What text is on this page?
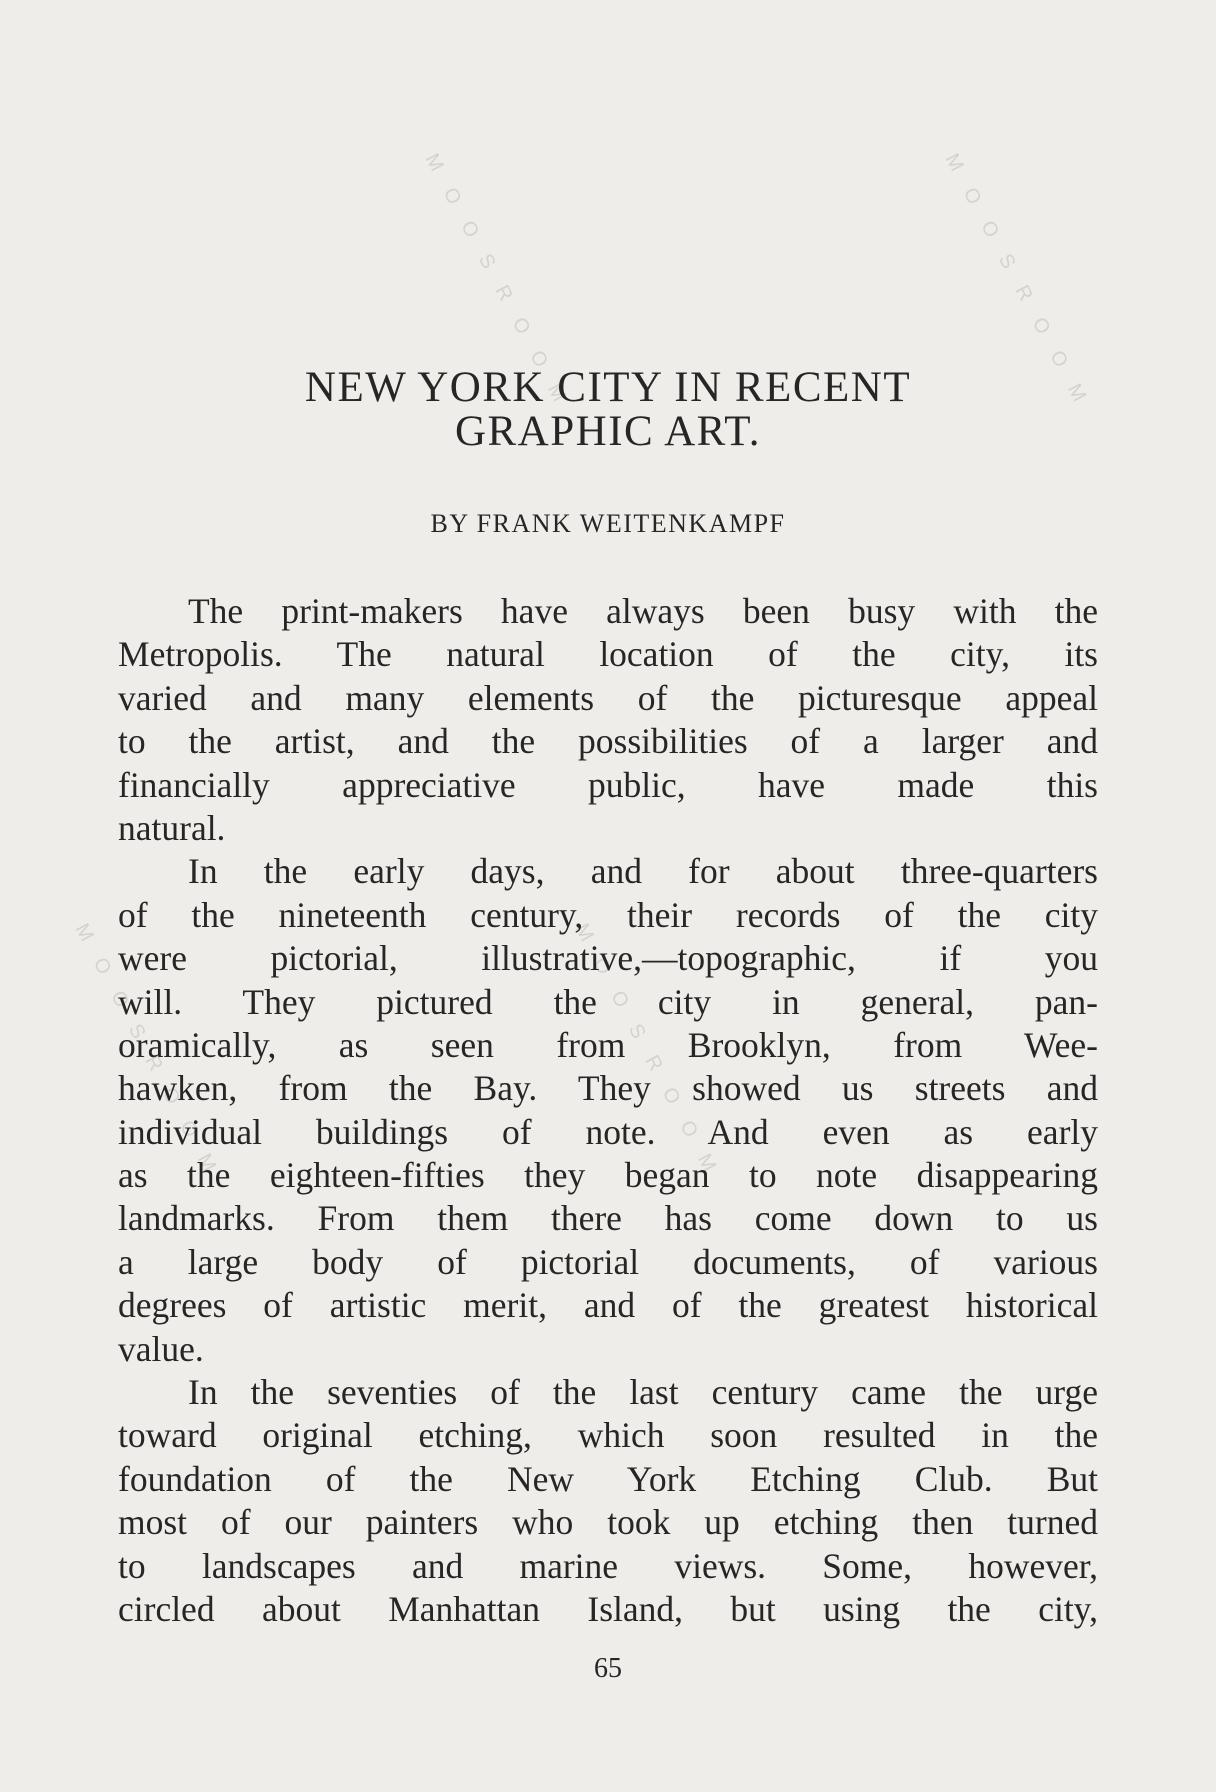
MOOSROOM	MOOSROOM
MOOSROOM	MOOSROOM
NEW YORK CITY IN RECENT
GRAPHIC ART.
BY FRANK WEITENKAMPF
The print-makers have always been busy with the
Metropolis. The natural location of the city, its
varied and many elements of the picturesque appeal
to the artist, and the possibilities of a larger and
financially appreciative public, have made this
natural.
In the early days, and for about three-quarters
of the nineteenth century, their records of the city
were pictorial, illustrative,—topographic, if you
will. They pictured the city in general, pan-
oramically, as seen from Brooklyn, from Wee-
hawken, from the Bay. They showed us streets and
individual buildings of note. And even as early
as the eighteen-fifties they began to note disappearing
landmarks. From them there has come down to us
a large body of pictorial documents, of various
degrees of artistic merit, and of the greatest historical
value.
In the seventies of the last century came the urge
toward original etching, which soon resulted in the
foundation of the New York Etching Club. But
most of our painters who took up etching then turned
to landscapes and marine views. Some, however,
circled about Manhattan Island, but using the city,
65
